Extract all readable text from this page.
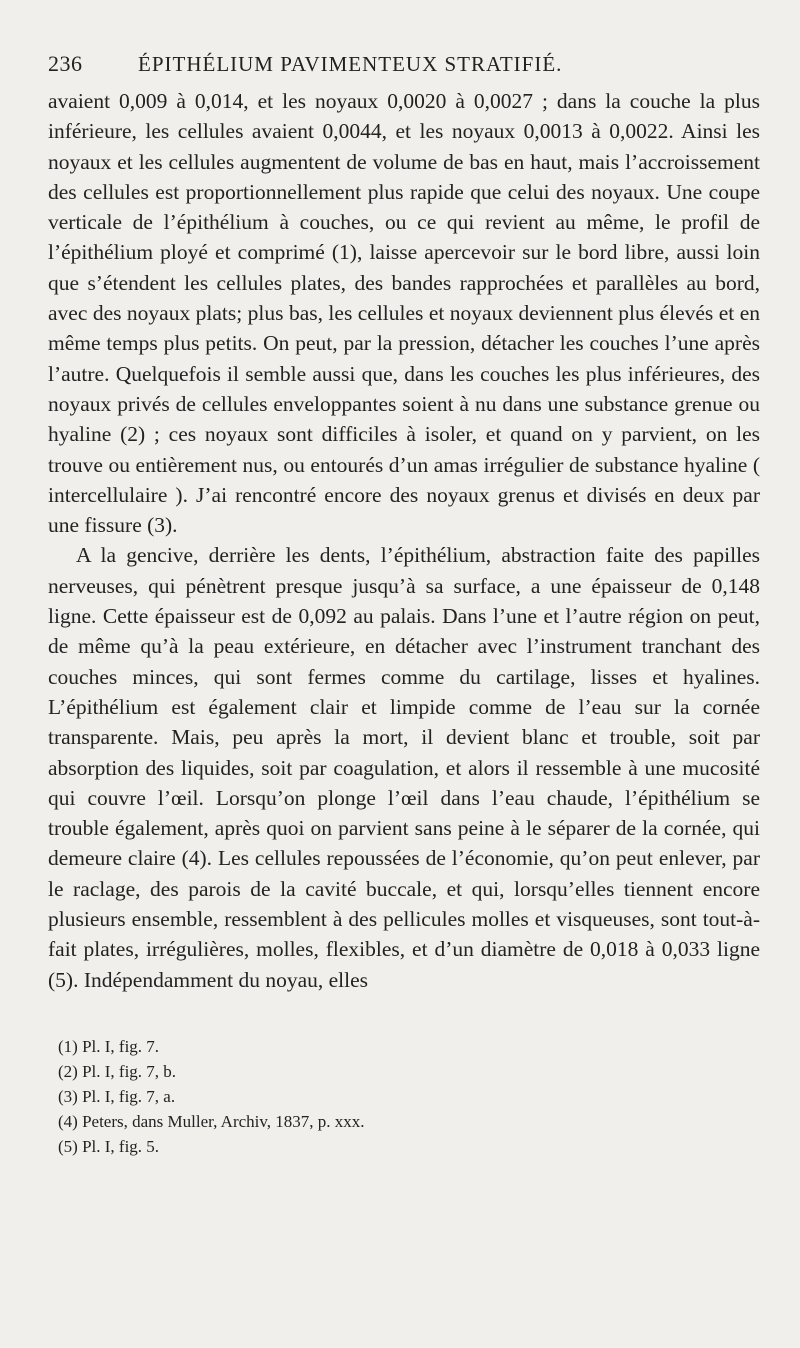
236	ÉPITHÉLIUM PAVIMENTEUX STRATIFIÉ.

avaient 0,009 à 0,014, et les noyaux 0,0020 à 0,0027 ; dans la couche la plus inférieure, les cellules avaient 0,0044, et les noyaux 0,0013 à 0,0022. Ainsi les noyaux et les cellules augmentent de volume de bas en haut, mais l’accroissement des cellules est proportionnellement plus rapide que celui des noyaux. Une coupe verticale de l’épithélium à couches, ou ce qui revient au même, le profil de l’épithélium ployé et comprimé (1), laisse apercevoir sur le bord libre, aussi loin que s’étendent les cellules plates, des bandes rapprochées et parallèles au bord, avec des noyaux plats; plus bas, les cellules et noyaux deviennent plus élevés et en même temps plus petits. On peut, par la pression, détacher les couches l’une après l’autre. Quelquefois il semble aussi que, dans les couches les plus inférieures, des noyaux privés de cellules enveloppantes soient à nu dans une substance grenue ou hyaline (2) ; ces noyaux sont difficiles à isoler, et quand on y parvient, on les trouve ou entièrement nus, ou entourés d’un amas irrégulier de substance hyaline ( intercellulaire ). J’ai rencontré encore des noyaux grenus et divisés en deux par une fissure (3).

A la gencive, derrière les dents, l’épithélium, abstraction faite des papilles nerveuses, qui pénètrent presque jusqu’à sa surface, a une épaisseur de 0,148 ligne. Cette épaisseur est de 0,092 au palais. Dans l’une et l’autre région on peut, de même qu’à la peau extérieure, en détacher avec l’instrument tranchant des couches minces, qui sont fermes comme du cartilage, lisses et hyalines. L’épithélium est également clair et limpide comme de l’eau sur la cornée transparente. Mais, peu après la mort, il devient blanc et trouble, soit par absorption des liquides, soit par coagulation, et alors il ressemble à une mucosité qui couvre l’œil. Lorsqu’on plonge l’œil dans l’eau chaude, l’épithélium se trouble également, après quoi on parvient sans peine à le séparer de la cornée, qui demeure claire (4). Les cellules repoussées de l’économie, qu’on peut enlever, par le raclage, des parois de la cavité buccale, et qui, lorsqu’elles tiennent encore plusieurs ensemble, ressemblent à des pellicules molles et visqueuses, sont tout-à-fait plates, irrégulières, molles, flexibles, et d’un diamètre de 0,018 à 0,033 ligne (5). Indépendamment du noyau, elles

(1) Pl. I, fig. 7.
(2) Pl. I, fig. 7, b.
(3) Pl. I, fig. 7, a.
(4) Peters, dans Muller, Archiv, 1837, p. xxx.
(5) Pl. I, fig. 5.
